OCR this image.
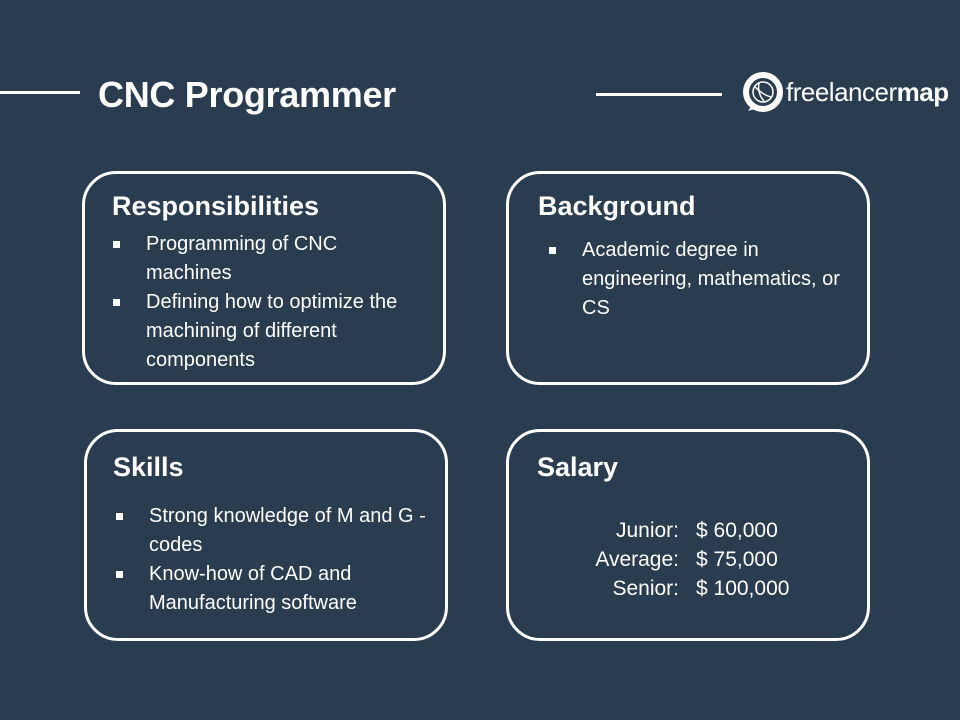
CNC Programmer	freelancermap
Responsibilities
Programming of CNC machines
Defining how to optimize the machining of different components
Background
Academic degree in engineering, mathematics, or CS
Skills
Strong knowledge of M and G - codes
Know-how of CAD and Manufacturing software
Salary
Junior: $ 60,000
Average: $ 75,000
Senior: $ 100,000
